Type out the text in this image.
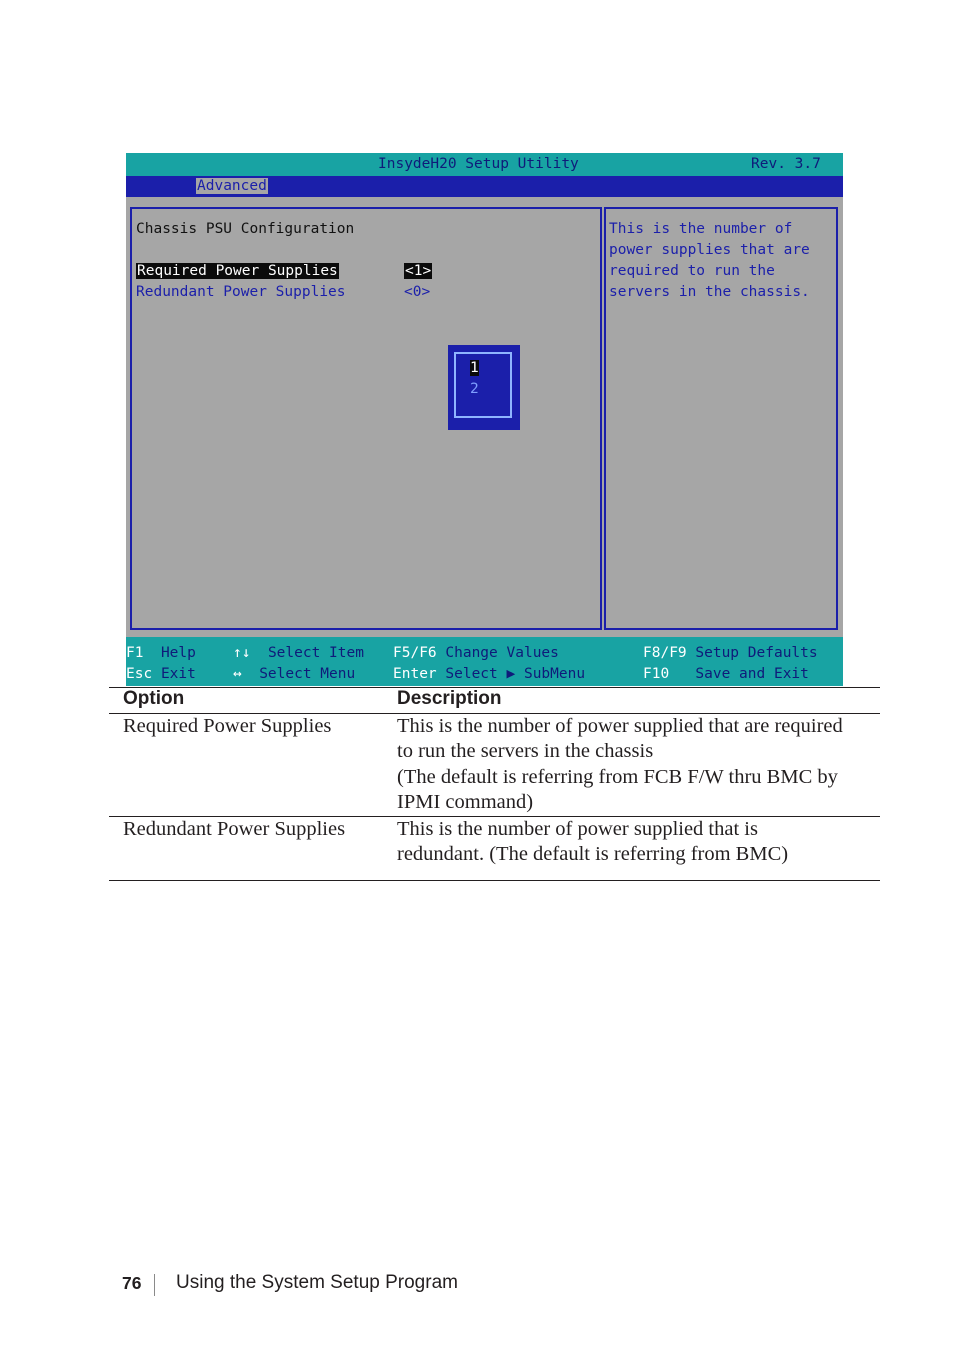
InsydeH20 Setup Utility	Rev. 3.7
Advanced
Chassis PSU Configuration
Required Power Supplies	<1>
Redundant Power Supplies	<0>
This is the number of
power supplies that are
required to run the
servers in the chassis.
1
2
F1 Help
Esc Exit
↑↓ Select Item
↔ Select Menu
F5/F6 Change Values
Enter Select ▶ SubMenu
F8/F9 Setup Defaults
F10 Save and Exit
Option	Description
Required Power Supplies	This is the number of power supplied that are required
to run the servers in the chassis
(The default is referring from FCB F/W thru BMC by
IPMI command)
Redundant Power Supplies	This is the number of power supplied that is
redundant. (The default is referring from BMC)
76 Using the System Setup Program
